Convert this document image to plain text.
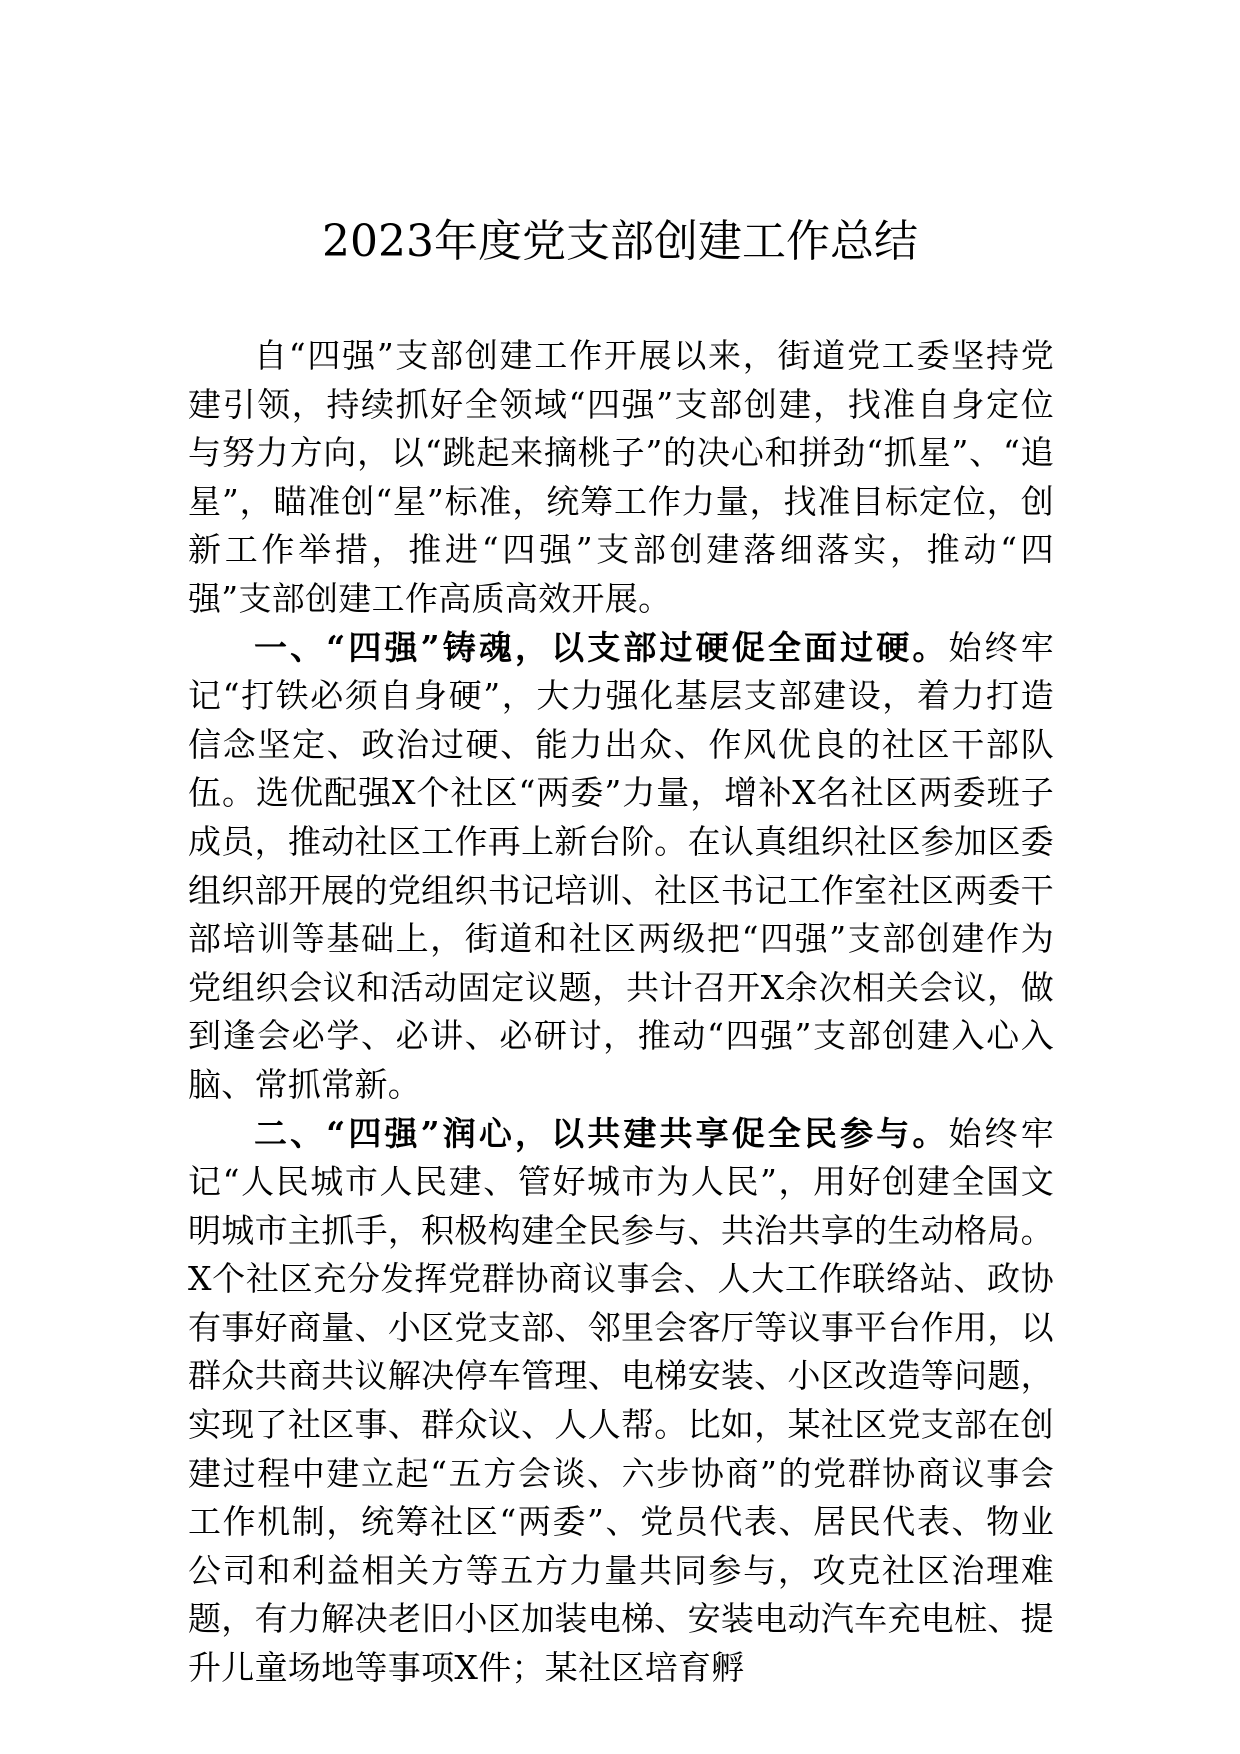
2023年度党支部创建工作总结

自“四强”支部创建工作开展以来，街道党工委坚持党建引领，持续抓好全领域“四强”支部创建，找准自身定位与努力方向，以“跳起来摘桃子”的决心和拼劲“抓星”、“追星”，瞄准创“星”标准，统筹工作力量，找准目标定位，创新工作举措，推进“四强”支部创建落细落实，推动“四强”支部创建工作高质高效开展。

一、“四强”铸魂，以支部过硬促全面过硬。始终牢记“打铁必须自身硬”，大力强化基层支部建设，着力打造信念坚定、政治过硬、能力出众、作风优良的社区干部队伍。选优配强X个社区“两委”力量，增补X名社区两委班子成员，推动社区工作再上新台阶。在认真组织社区参加区委组织部开展的党组织书记培训、社区书记工作室社区两委干部培训等基础上，街道和社区两级把“四强”支部创建作为党组织会议和活动固定议题，共计召开X余次相关会议，做到逢会必学、必讲、必研讨，推动“四强”支部创建入心入脑、常抓常新。

二、“四强”润心，以共建共享促全民参与。始终牢记“人民城市人民建、管好城市为人民”，用好创建全国文明城市主抓手，积极构建全民参与、共治共享的生动格局。X个社区充分发挥党群协商议事会、人大工作联络站、政协有事好商量、小区党支部、邻里会客厅等议事平台作用，以群众共商共议解决停车管理、电梯安装、小区改造等问题，实现了社区事、群众议、人人帮。比如，某社区党支部在创建过程中建立起“五方会谈、六步协商”的党群协商议事会工作机制，统筹社区“两委”、党员代表、居民代表、物业公司和利益相关方等五方力量共同参与，攻克社区治理难题，有力解决老旧小区加装电梯、安装电动汽车充电桩、提升儿童场地等事项X件；某社区培育孵
